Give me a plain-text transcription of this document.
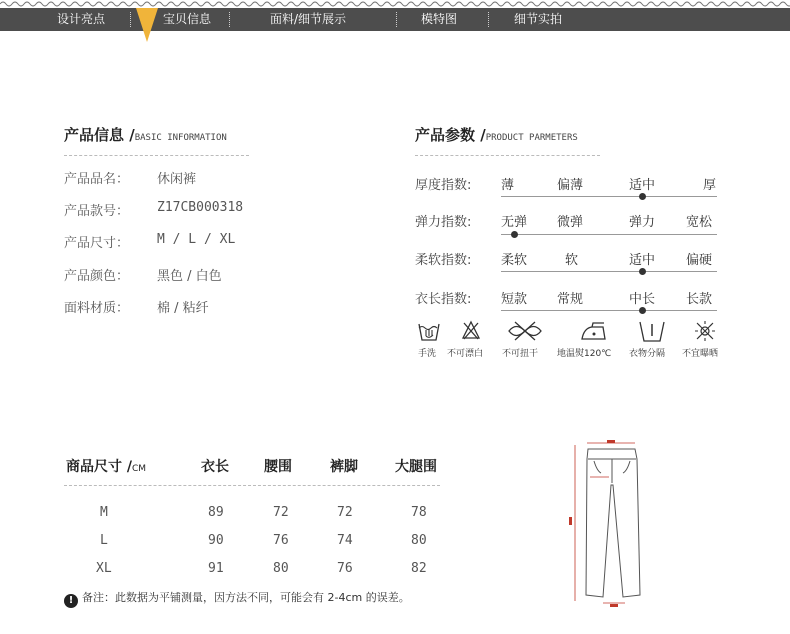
设计亮点	宝贝信息	面料/细节展示	模特图	细节实拍
产品信息 /BASIC INFORMATION
产品品名： 休闲裤
产品款号： Z17CB000318
产品尺寸： M / L / XL
产品颜色： 黑色 / 白色
面料材质： 棉 / 粘纤
产品参数 /PRODUCT PARMETERS
厚度指数: 薄	偏薄	适中	厚
弹力指数: 无弹 微弹	弹力 宽松
柔软指数: 柔软	软	适中 偏硬
衣长指数: 短款 常规	中长 长款
手洗 不可漂白 不可扭干 地温熨120℃ 衣物分隔 不宜曝晒
商品尺寸 /CM	衣长	腰围	裤脚	大腿围
M	89	72	72	78
L	90	76	74	80
XL	91	80	76	82
! 备注：此数据为平铺测量，因方法不同，可能会有 2-4cm 的误差。
